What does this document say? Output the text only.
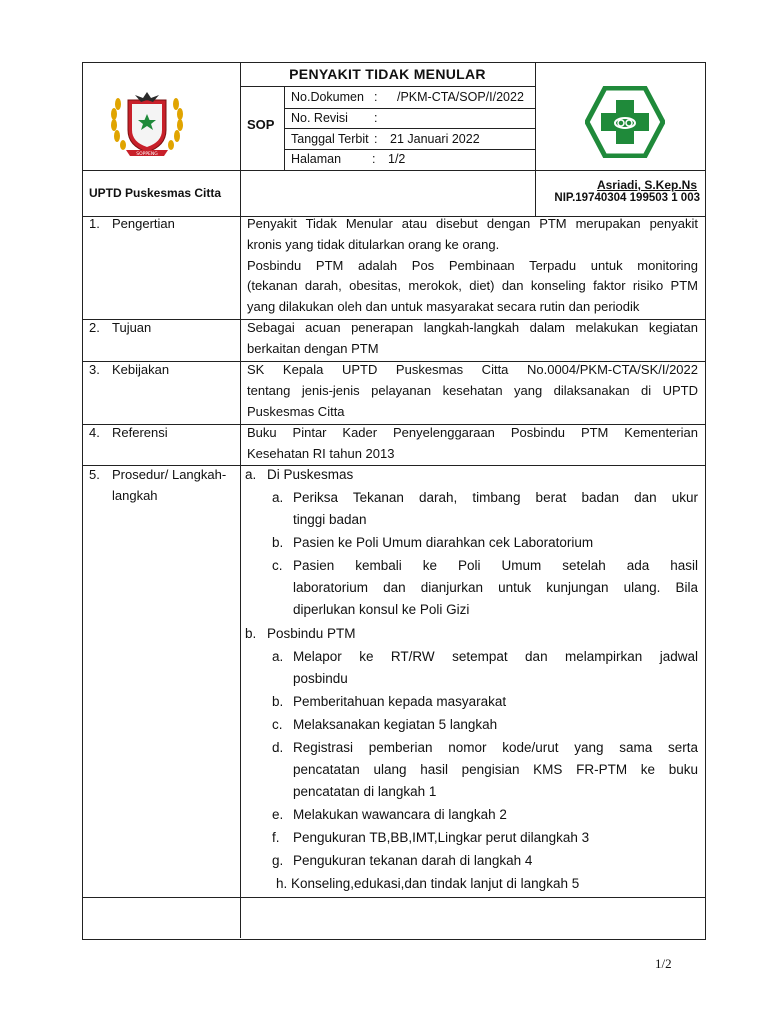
SOPPENG
PENYAKIT TIDAK MENULAR
SOP
No.Dokumen : /PKM-CTA/SOP/I/2022
No. Revisi :
Tanggal Terbit : 21 Januari 2022
Halaman : 1/2
UPTD Puskesmas Citta
Asriadi, S.Kep.Ns
NIP.19740304 199503 1 003
1. Pengertian
2. Tujuan
3. Kebijakan
4. Referensi
5. Prosedur/ Langkah-
langkah
Penyakit Tidak Menular atau disebut dengan PTM merupakan penyakit
kronis yang tidak ditularkan orang ke orang.
Posbindu PTM adalah Pos Pembinaan Terpadu untuk monitoring
(tekanan darah, obesitas, merokok, diet) dan konseling faktor risiko PTM
yang dilakukan oleh dan untuk masyarakat secara rutin dan periodik
Sebagai acuan penerapan langkah-langkah dalam melakukan kegiatan
berkaitan dengan PTM
SK Kepala UPTD Puskesmas Citta No.0004/PKM-CTA/SK/I/2022
tentang jenis-jenis pelayanan kesehatan yang dilaksanakan di UPTD
Puskesmas Citta
Buku Pintar Kader Penyelenggaraan Posbindu PTM Kementerian
Kesehatan RI tahun 2013
a. Di Puskesmas
a. Periksa Tekanan darah, timbang berat badan dan ukur
tinggi badan
b. Pasien ke Poli Umum diarahkan cek Laboratorium
c. Pasien kembali ke Poli Umum setelah ada hasil
laboratorium dan dianjurkan untuk kunjungan ulang. Bila
diperlukan konsul ke Poli Gizi
b. Posbindu PTM
a. Melapor ke RT/RW setempat dan melampirkan jadwal
posbindu
b. Pemberitahuan kepada masyarakat
c. Melaksanakan kegiatan 5 langkah
d. Registrasi pemberian nomor kode/urut yang sama serta
pencatatan ulang hasil pengisian KMS FR-PTM ke buku
pencatatan di langkah 1
e. Melakukan wawancara di langkah 2
f. Pengukuran TB,BB,IMT,Lingkar perut dilangkah 3
g. Pengukuran tekanan darah di langkah 4
h. Konseling,edukasi,dan tindak lanjut di langkah 5
1/2
